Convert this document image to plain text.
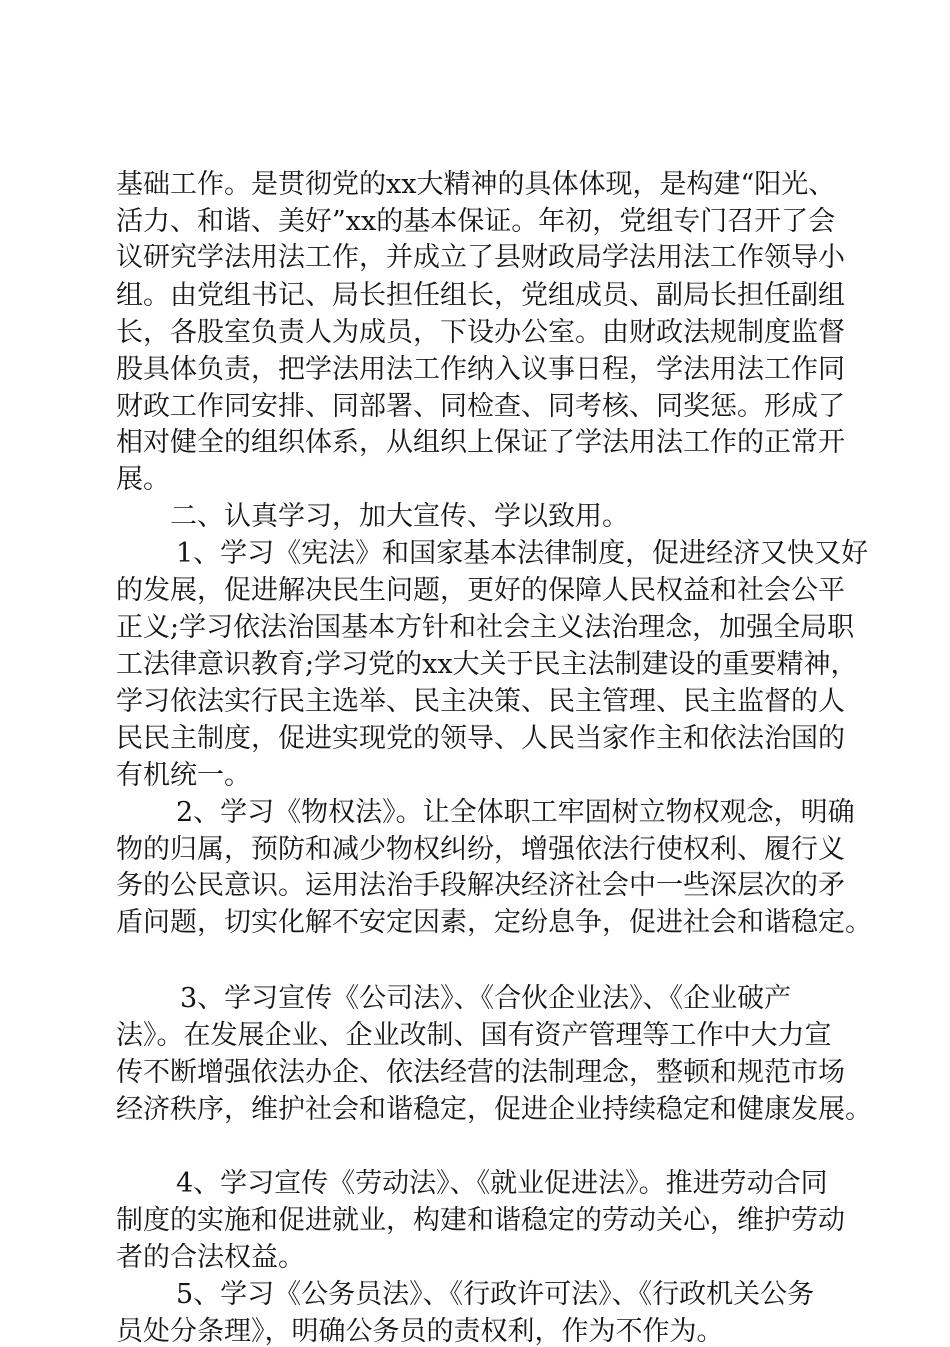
基础工作。是贯彻党的xx大精神的具体体现，是构建“阳光、
活力、和谐、美好”xx的基本保证。年初，党组专门召开了会
议研究学法用法工作，并成立了县财政局学法用法工作领导小
组。由党组书记、局长担任组长，党组成员、副局长担任副组
长，各股室负责人为成员，下设办公室。由财政法规制度监督
股具体负责，把学法用法工作纳入议事日程，学法用法工作同
财政工作同安排、同部署、同检查、同考核、同奖惩。形成了
相对健全的组织体系，从组织上保证了学法用法工作的正常开
展。
二、认真学习，加大宣传、学以致用。
1、学习《宪法》和国家基本法律制度，促进经济又快又好
的发展，促进解决民生问题，更好的保障人民权益和社会公平
正义;学习依法治国基本方针和社会主义法治理念，加强全局职
工法律意识教育;学习党的xx大关于民主法制建设的重要精神，
学习依法实行民主选举、民主决策、民主管理、民主监督的人
民民主制度，促进实现党的领导、人民当家作主和依法治国的
有机统一。
2、学习《物权法》。让全体职工牢固树立物权观念，明确
物的归属，预防和减少物权纠纷，增强依法行使权利、履行义
务的公民意识。运用法治手段解决经济社会中一些深层次的矛
盾问题，切实化解不安定因素，定纷息争，促进社会和谐稳定。
3、学习宣传《公司法》、《合伙企业法》、《企业破产
法》。在发展企业、企业改制、国有资产管理等工作中大力宣
传不断增强依法办企、依法经营的法制理念，整顿和规范市场
经济秩序，维护社会和谐稳定，促进企业持续稳定和健康发展。
4、学习宣传《劳动法》、《就业促进法》。推进劳动合同
制度的实施和促进就业，构建和谐稳定的劳动关心，维护劳动
者的合法权益。
5、学习《公务员法》、《行政许可法》、《行政机关公务
员处分条理》，明确公务员的责权利，作为不作为。
